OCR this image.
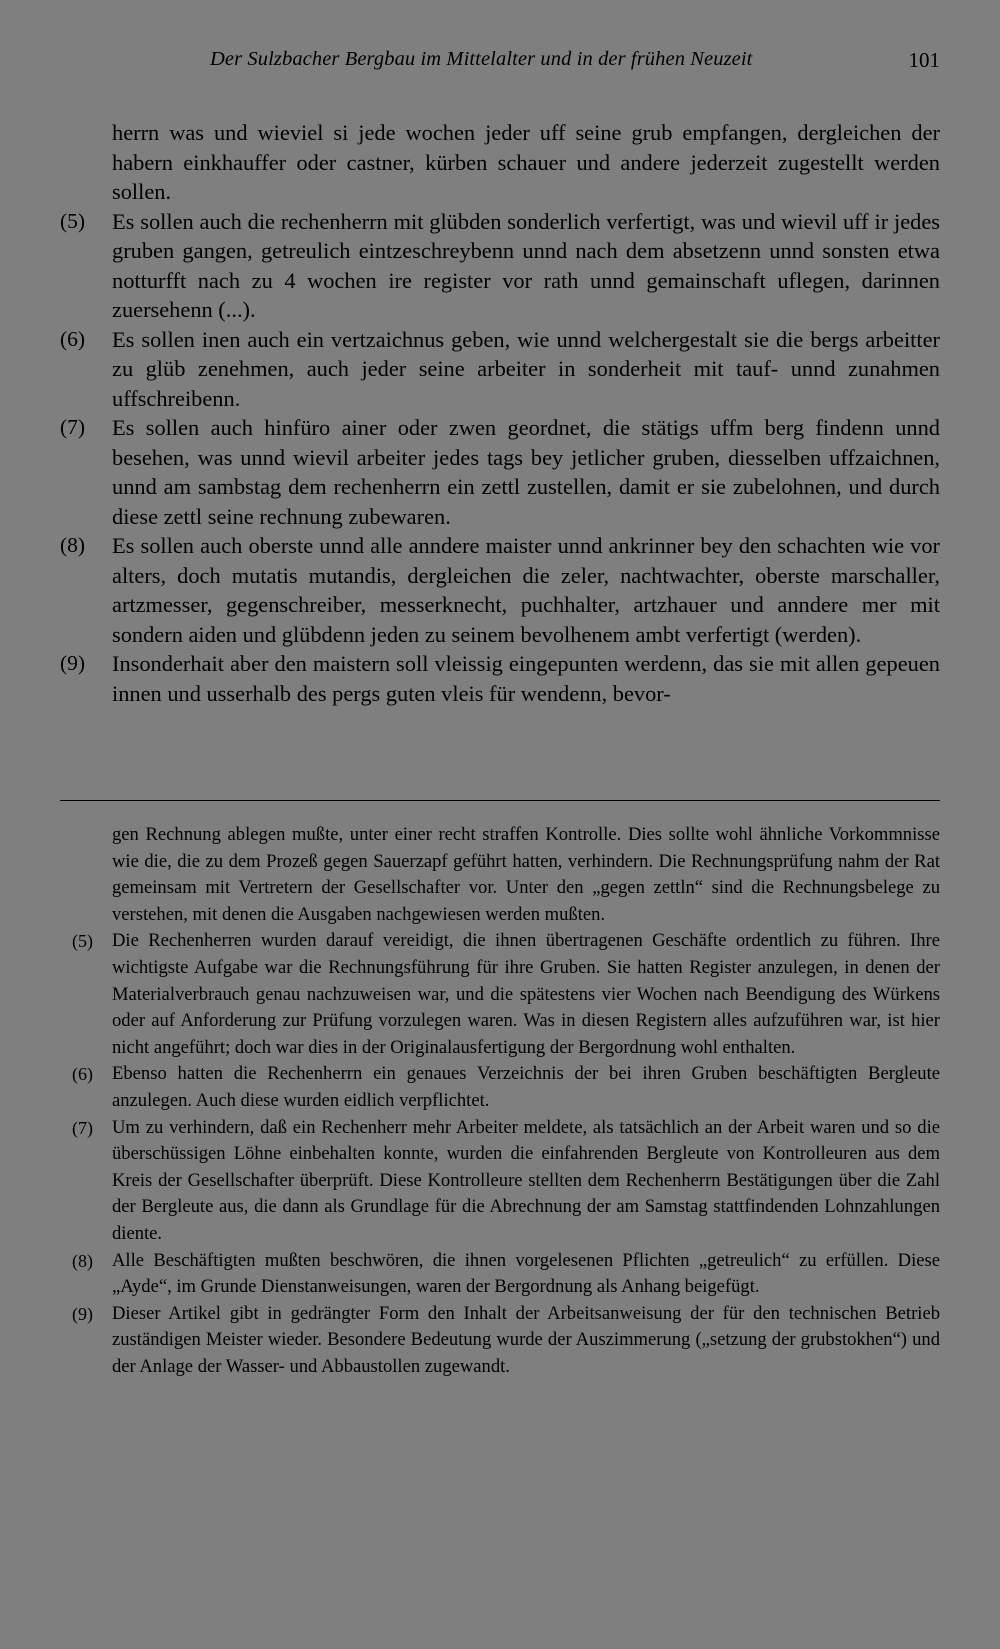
Der Sulzbacher Bergbau im Mittelalter und in der frühen Neuzeit	101
herrn was und wieviel si jede wochen jeder uff seine grub empfangen, dergleichen der habern einkhauffer oder castner, kürben schauer und andere jederzeit zugestellt werden sollen.
(5) Es sollen auch die rechenherrn mit glübden sonderlich verfertigt, was und wievil uff ir jedes gruben gangen, getreulich eintzeschreybenn unnd nach dem absetzenn unnd sonsten etwa notturfft nach zu 4 wochen ire register vor rath unnd gemainschaft uflegen, darinnen zuersehenn (...).
(6) Es sollen inen auch ein vertzaichnus geben, wie unnd welchergestalt sie die bergs arbeitter zu glüb zenehmen, auch jeder seine arbeiter in sonderheit mit tauf- unnd zunahmen uffschreibenn.
(7) Es sollen auch hinfüro ainer oder zwen geordnet, die stätigs uffm berg findenn unnd besehen, was unnd wievil arbeiter jedes tags bey jetlicher gruben, diesselben uffzaichnen, unnd am sambstag dem rechenherrn ein zettl zustellen, damit er sie zubelohnen, und durch diese zettl seine rechnung zubewaren.
(8) Es sollen auch oberste unnd alle anndere maister unnd ankrinner bey den schachten wie vor alters, doch mutatis mutandis, dergleichen die zeler, nachtwachter, oberste marschaller, artzmesser, gegenschreiber, messerknecht, puchhalter, artzhauer und anndere mer mit sondern aiden und glübdenn jeden zu seinem bevolhenem ambt verfertigt (werden).
(9) Insonderhait aber den maistern soll vleissig eingepunten werdenn, das sie mit allen gepeuen innen und usserhalb des pergs guten vleis für wendenn, bevor-
gen Rechnung ablegen mußte, unter einer recht straffen Kontrolle. Dies sollte wohl ähnliche Vorkommnisse wie die, die zu dem Prozeß gegen Sauerzapf geführt hatten, verhindern. Die Rechnungsprüfung nahm der Rat gemeinsam mit Vertretern der Gesellschafter vor. Unter den „gegen zettln“ sind die Rechnungsbelege zu verstehen, mit denen die Ausgaben nachgewiesen werden mußten.
(5) Die Rechenherren wurden darauf vereidigt, die ihnen übertragenen Geschäfte ordentlich zu führen. Ihre wichtigste Aufgabe war die Rechnungsführung für ihre Gruben. Sie hatten Register anzulegen, in denen der Materialverbrauch genau nachzuweisen war, und die spätestens vier Wochen nach Beendigung des Würkens oder auf Anforderung zur Prüfung vorzulegen waren. Was in diesen Registern alles aufzuführen war, ist hier nicht angeführt; doch war dies in der Originalausfertigung der Bergordnung wohl enthalten.
(6) Ebenso hatten die Rechenherrn ein genaues Verzeichnis der bei ihren Gruben beschäftigten Bergleute anzulegen. Auch diese wurden eidlich verpflichtet.
(7) Um zu verhindern, daß ein Rechenherr mehr Arbeiter meldete, als tatsächlich an der Arbeit waren und so die überschüssigen Löhne einbehalten konnte, wurden die einfahrenden Bergleute von Kontrolleuren aus dem Kreis der Gesellschafter überprüft. Diese Kontrolleure stellten dem Rechenherrn Bestätigungen über die Zahl der Bergleute aus, die dann als Grundlage für die Abrechnung der am Samstag stattfindenden Lohnzahlungen diente.
(8) Alle Beschäftigten mußten beschwören, die ihnen vorgelesenen Pflichten „getreulich“ zu erfüllen. Diese „Ayde“, im Grunde Dienstanweisungen, waren der Bergordnung als Anhang beigefügt.
(9) Dieser Artikel gibt in gedrängter Form den Inhalt der Arbeitsanweisung der für den technischen Betrieb zuständigen Meister wieder. Besondere Bedeutung wurde der Auszimmerung („setzung der grubstokhen“) und der Anlage der Wasser- und Abbaustollen zugewandt.
